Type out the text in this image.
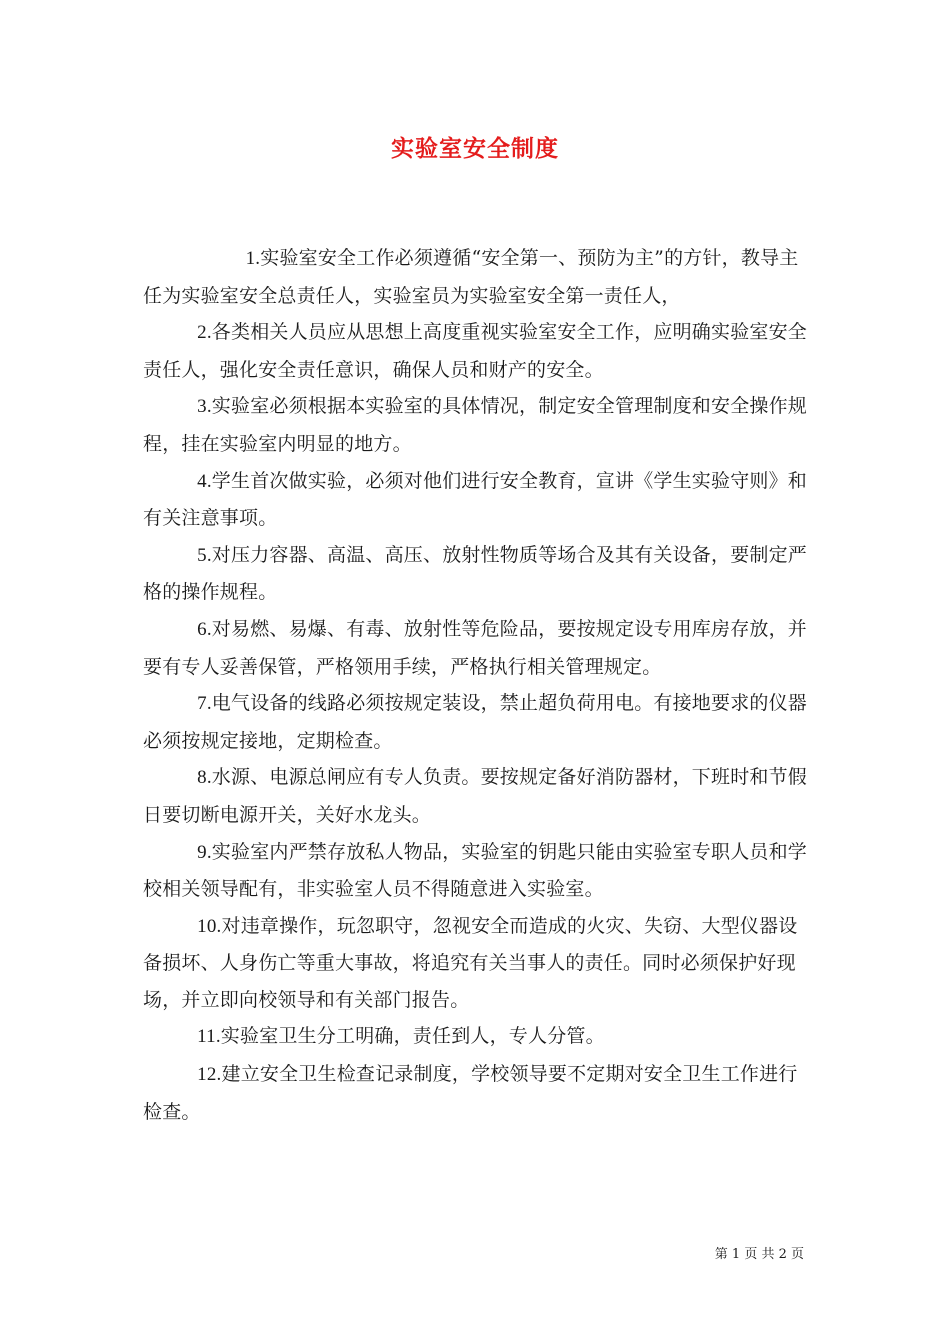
实验室安全制度

1.实验室安全工作必须遵循“安全第一、预防为主”的方针，教导主任为实验室安全总责任人，实验室员为实验室安全第一责任人，

2.各类相关人员应从思想上高度重视实验室安全工作，应明确实验室安全责任人，强化安全责任意识，确保人员和财产的安全。

3.实验室必须根据本实验室的具体情况，制定安全管理制度和安全操作规程，挂在实验室内明显的地方。

4.学生首次做实验，必须对他们进行安全教育，宣讲《学生实验守则》和有关注意事项。

5.对压力容器、高温、高压、放射性物质等场合及其有关设备，要制定严格的操作规程。

6.对易燃、易爆、有毒、放射性等危险品，要按规定设专用库房存放，并要有专人妥善保管，严格领用手续，严格执行相关管理规定。

7.电气设备的线路必须按规定装设，禁止超负荷用电。有接地要求的仪器必须按规定接地，定期检查。

8.水源、电源总闸应有专人负责。要按规定备好消防器材，下班时和节假日要切断电源开关，关好水龙头。

9.实验室内严禁存放私人物品，实验室的钥匙只能由实验室专职人员和学校相关领导配有，非实验室人员不得随意进入实验室。

10.对违章操作，玩忽职守，忽视安全而造成的火灾、失窃、大型仪器设备损坏、人身伤亡等重大事故，将追究有关当事人的责任。同时必须保护好现场，并立即向校领导和有关部门报告。

11.实验室卫生分工明确，责任到人，专人分管。

12.建立安全卫生检查记录制度，学校领导要不定期对安全卫生工作进行检查。

第 1 页 共 2 页
